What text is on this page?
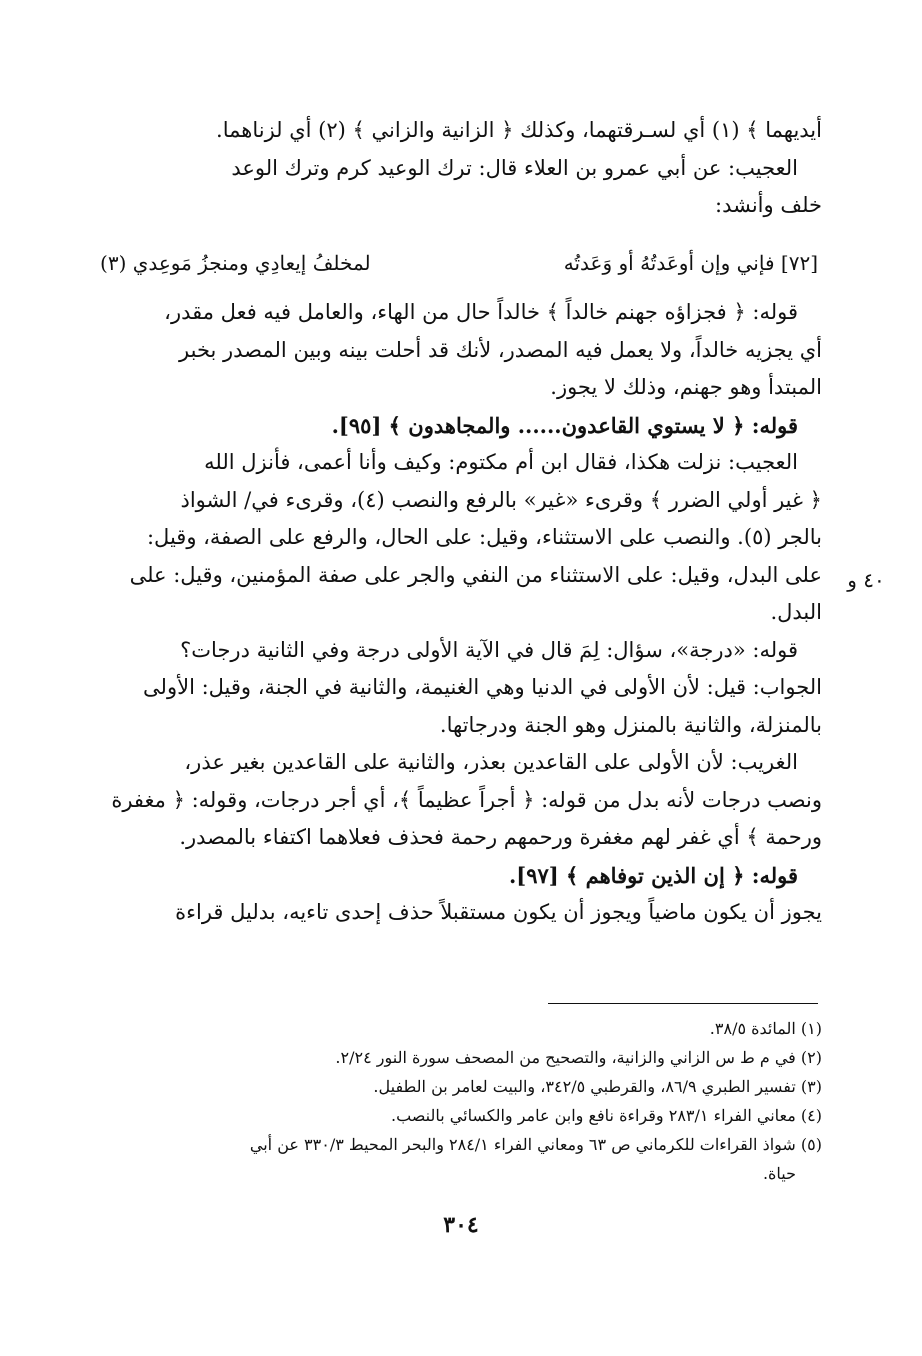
أيديهما ﴾ (١) أي لسـرقتهما، وكذلك ﴿ الزانية والزاني ﴾ (٢) أي لزناهما.

العجيب: عن أبي عمرو بن العلاء قال: ترك الوعيد كرم وترك الوعد

خلف وأنشد:

[٧٢] فإني وإن أوعَدتُهُ أو وَعَدتُه
لمخلفُ إيعادِي ومنجزُ مَوعِدي (٣)

قوله: ﴿ فجزاؤه جهنم خالداً ﴾ خالداً حال من الهاء، والعامل فيه فعل مقدر،

أي يجزيه خالداً، ولا يعمل فيه المصدر، لأنك قد أحلت بينه وبين المصدر بخبر

المبتدأ وهو جهنم، وذلك لا يجوز.

قوله: ﴿ لا يستوي القاعدون...... والمجاهدون ﴾ [٩٥].

العجيب: نزلت هكذا، فقال ابن أم مكتوم: وكيف وأنا أعمى، فأنزل الله

﴿ غير أولي الضرر ﴾ وقرىء «غير» بالرفع والنصب (٤)، وقرىء في/ الشواذ

بالجر (٥). والنصب على الاستثناء، وقيل: على الحال، والرفع على الصفة، وقيل:

على البدل، وقيل: على الاستثناء من النفي والجر على صفة المؤمنين، وقيل: على

البدل.

قوله: «درجة»، سؤال: لِمَ قال في الآية الأولى درجة وفي الثانية درجات؟

الجواب: قيل: لأن الأولى في الدنيا وهي الغنيمة، والثانية في الجنة، وقيل: الأولى

بالمنزلة، والثانية بالمنزل وهو الجنة ودرجاتها.

الغريب: لأن الأولى على القاعدين بعذر، والثانية على القاعدين بغير عذر،

ونصب درجات لأنه بدل من قوله: ﴿ أجراً عظيماً ﴾، أي أجر درجات، وقوله: ﴿ مغفرة

ورحمة ﴾ أي غفر لهم مغفرة ورحمهم رحمة فحذف فعلاهما اكتفاء بالمصدر.

قوله: ﴿ إن الذين توفاهم ﴾ [٩٧].

يجوز أن يكون ماضياً ويجوز أن يكون مستقبلاً حذف إحدى تاءيه، بدليل قراءة

٤٠ و

(١) المائدة ٣٨/٥.

(٢) في م ط س الزاني والزانية، والتصحيح من المصحف سورة النور ٢/٢٤.

(٣) تفسير الطبري ٨٦/٩، والقرطبي ٣٤٢/٥، والبيت لعامر بن الطفيل.

(٤) معاني الفراء ٢٨٣/١ وقراءة نافع وابن عامر والكسائي بالنصب.

(٥) شواذ القراءات للكرماني ص ٦٣ ومعاني الفراء ٢٨٤/١ والبحر المحيط ٣٣٠/٣ عن أبي

حياة.

٣٠٤
